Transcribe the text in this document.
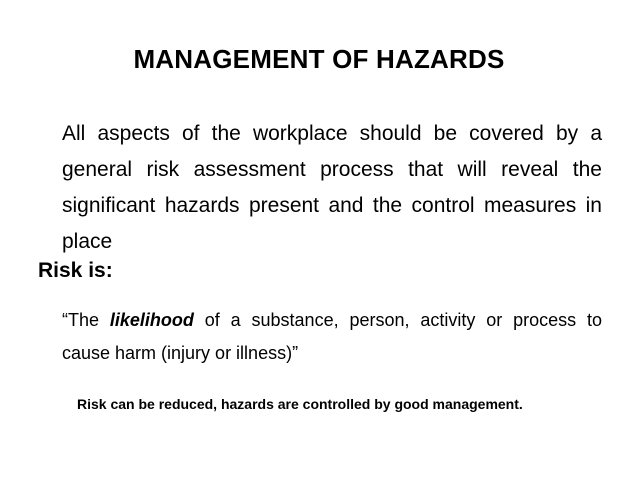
MANAGEMENT OF HAZARDS
All aspects of the workplace should be covered by a general risk assessment process that will reveal the significant hazards present and the control measures in place
Risk is:
“The likelihood of a substance, person, activity or process to cause harm (injury or illness)”
Risk can be reduced, hazards are controlled by good management.
